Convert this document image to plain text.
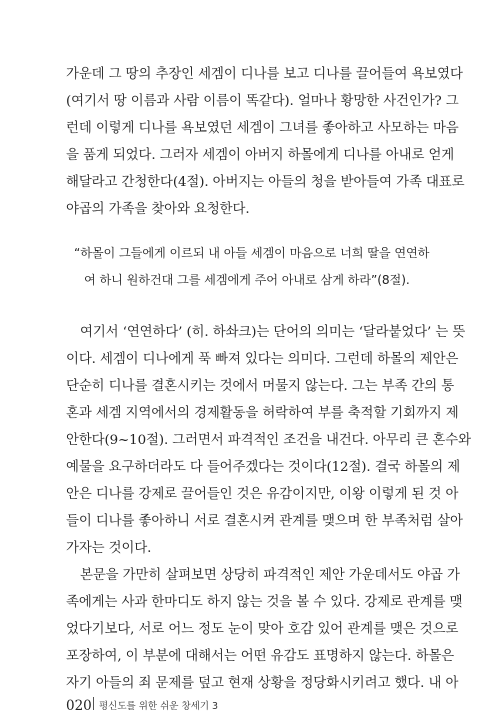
가운데 그 땅의 추장인 세겜이 디나를 보고 디나를 끌어들여 욕보였다
(여기서 땅 이름과 사람 이름이 똑같다). 얼마나 황망한 사건인가? 그
런데 이렇게 디나를 욕보였던 세겜이 그녀를 좋아하고 사모하는 마음
을 품게 되었다. 그러자 세겜이 아버지 하몰에게 디나를 아내로 얻게
해달라고 간청한다(4절). 아버지는 아들의 청을 받아들여 가족 대표로
야곱의 가족을 찾아와 요청한다.
“하몰이 그들에게 이르되 내 아들 세겜이 마음으로 너희 딸을 연연하
여 하니 원하건대 그를 세겜에게 주어 아내로 삼게 하라”(8절).
여기서 ‘연연하다’ (히. 하솨크)는 단어의 의미는 ‘달라붙었다’ 는 뜻
이다. 세겜이 디나에게 푹 빠져 있다는 의미다. 그런데 하몰의 제안은
단순히 디나를 결혼시키는 것에서 머물지 않는다. 그는 부족 간의 통
혼과 세겜 지역에서의 경제활동을 허락하여 부를 축적할 기회까지 제
안한다(9~10절). 그러면서 파격적인 조건을 내건다. 아무리 큰 혼수와
예물을 요구하더라도 다 들어주겠다는 것이다(12절). 결국 하몰의 제
안은 디나를 강제로 끌어들인 것은 유감이지만, 이왕 이렇게 된 것 아
들이 디나를 좋아하니 서로 결혼시켜 관계를 맺으며 한 부족처럼 살아
가자는 것이다.
본문을 가만히 살펴보면 상당히 파격적인 제안 가운데서도 야곱 가
족에게는 사과 한마디도 하지 않는 것을 볼 수 있다. 강제로 관계를 맺
었다기보다, 서로 어느 정도 눈이 맞아 호감 있어 관계를 맺은 것으로
포장하여, 이 부분에 대해서는 어떤 유감도 표명하지 않는다. 하몰은
자기 아들의 죄 문제를 덮고 현재 상황을 정당화시키려고 했다. 내 아
020 평신도를 위한 쉬운 창세기 3
